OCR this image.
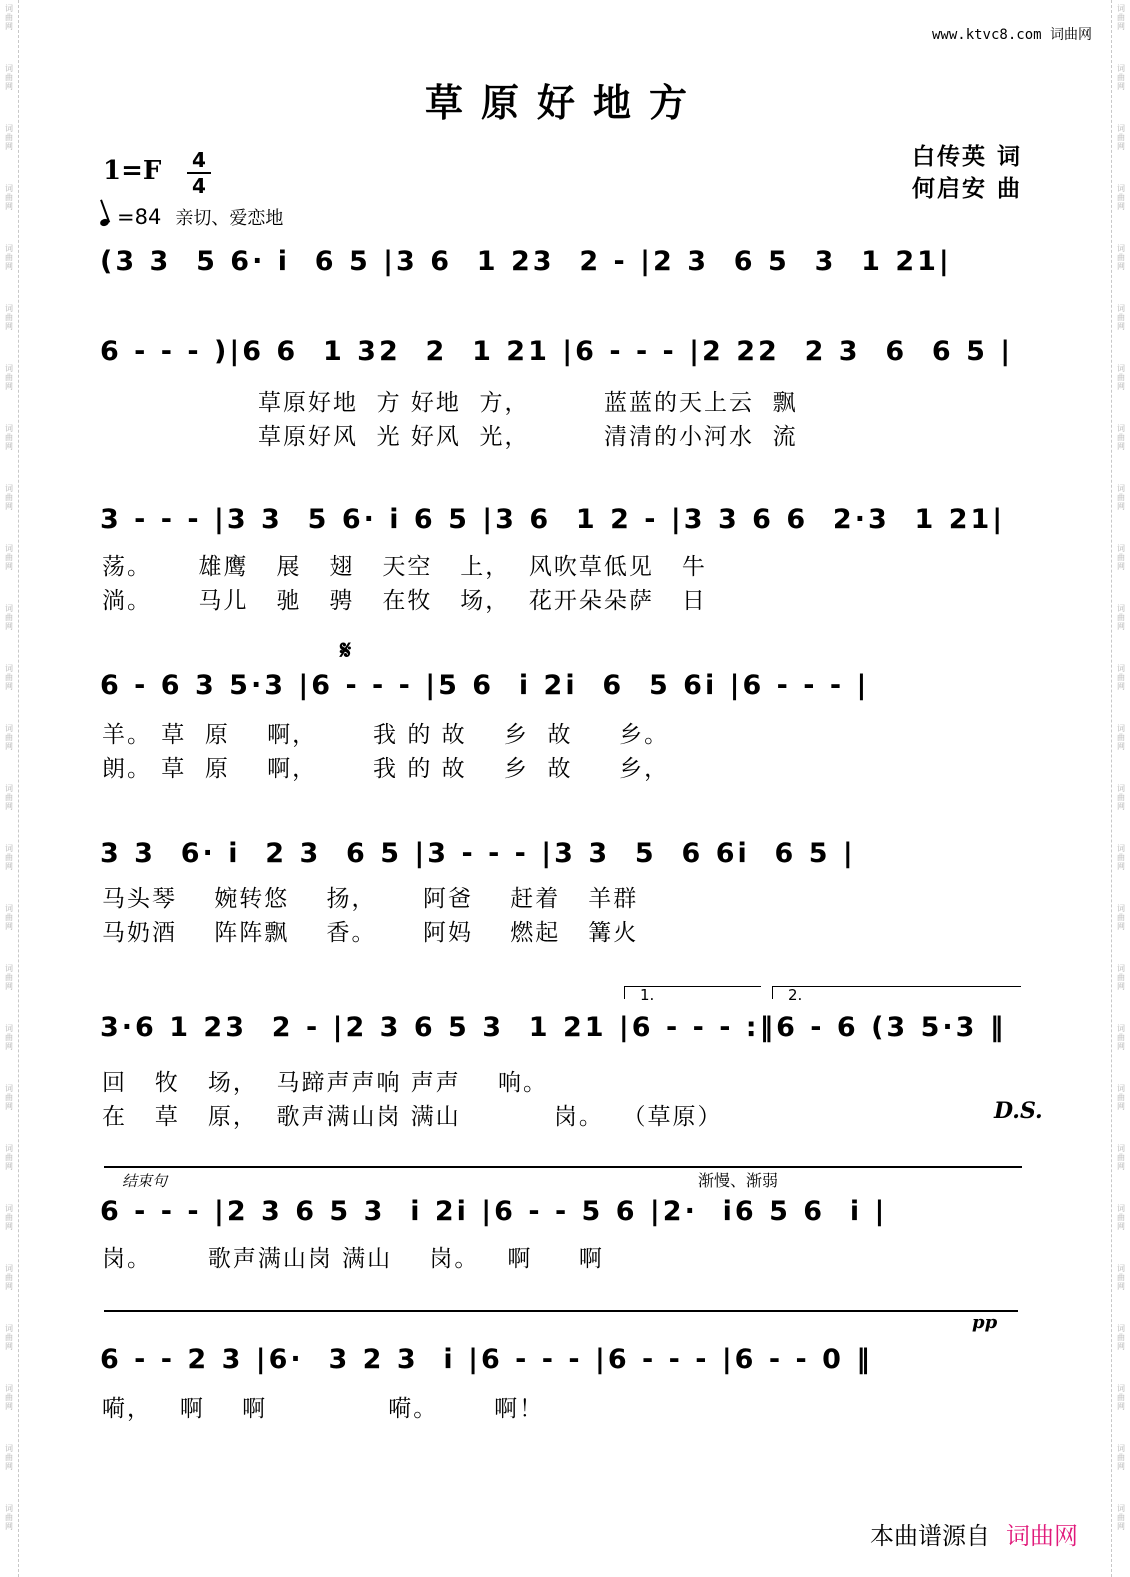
词
曲
网
词
曲
网
词
曲
网
词
曲
网
词
曲
网
词
曲
网
词
曲
网
词
曲
网
词
曲
网
词
曲
网
词
曲
网
词
曲
网
词
曲
网
词
曲
网
词
曲
网
词
曲
网
词
曲
网
词
曲
网
词
曲
网
词
曲
网
词
曲
网
词
曲
网
词
曲
网
词
曲
网
词
曲
网
词
曲
网
词
曲
网
词
曲
网
词
曲
网
词
曲
网
词
曲
网
词
曲
网
词
曲
网
词
曲
网
词
曲
网
词
曲
网
词
曲
网
词
曲
网
词
曲
网
词
曲
网
词
曲
网
词
曲
网
词
曲
网
词
曲
网
词
曲
网
词
曲
网
词
曲
网
词
曲
网
词
曲
网
词
曲
网
词
曲
网
词
曲
网
www.ktvc8.com 词曲网
草原好地方
白传英 词
何启安 曲
1=F 4
4
=84 亲切、爱恋地
(3 3  5 6· i  6 5 |3 6  1 23  2 - |2 3  6 5  3  1 21|
6 - - - )|6 6  1 32  2  1 21 |6 - - - |2 22  2 3  6  6 5 |
草原好地  方 好地  方，        蓝蓝的天上云  飘
草原好风  光 好风  光，        清清的小河水  流
3 - - - |3 3  5 6· i 6 5 |3 6  1 2 - |3 3 6 6  2·3  1 21|
荡。     雄鹰   展   翅   天空   上，  风吹草低见   牛
淌。     马儿   驰   骋   在牧   场，  花开朵朵萨   日
𝄋
6 - 6 3 5·3 |6 - - - |5 6  i 2i  6  5 6i |6 - - - |
羊。 草  原    啊，      我 的 故    乡  故     乡。
朗。 草  原    啊，      我 的 故    乡  故     乡，
3 3  6· i  2 3  6 5 |3 - - - |3 3  5  6 6i  6 5 |
马头琴    婉转悠    扬，     阿爸    赶着   羊群
马奶酒    阵阵飘    香。     阿妈    燃起   篝火
1.	2.
3·6 1 23  2 - |2 3 6 5 3  1 21 |6 - - - :‖6 - 6 (3 5·3 ‖
回   牧   场，  马蹄声声响 声声    响。
在   草   原，  歌声满山岗 满山          岗。  （草原）	D.S.
结束句	渐慢、渐弱
6 - - - |2 3 6 5 3  i 2i |6 - - 5 6 |2·  i6 5 6  i |
岗。      歌声满山岗 满山    岗。   啊     啊
pp
6 - - 2 3 |6·  3 2 3  i |6 - - - |6 - - - |6 - - 0 ‖
嗬，   啊    啊             嗬。      啊！
本曲谱源自 词曲网
